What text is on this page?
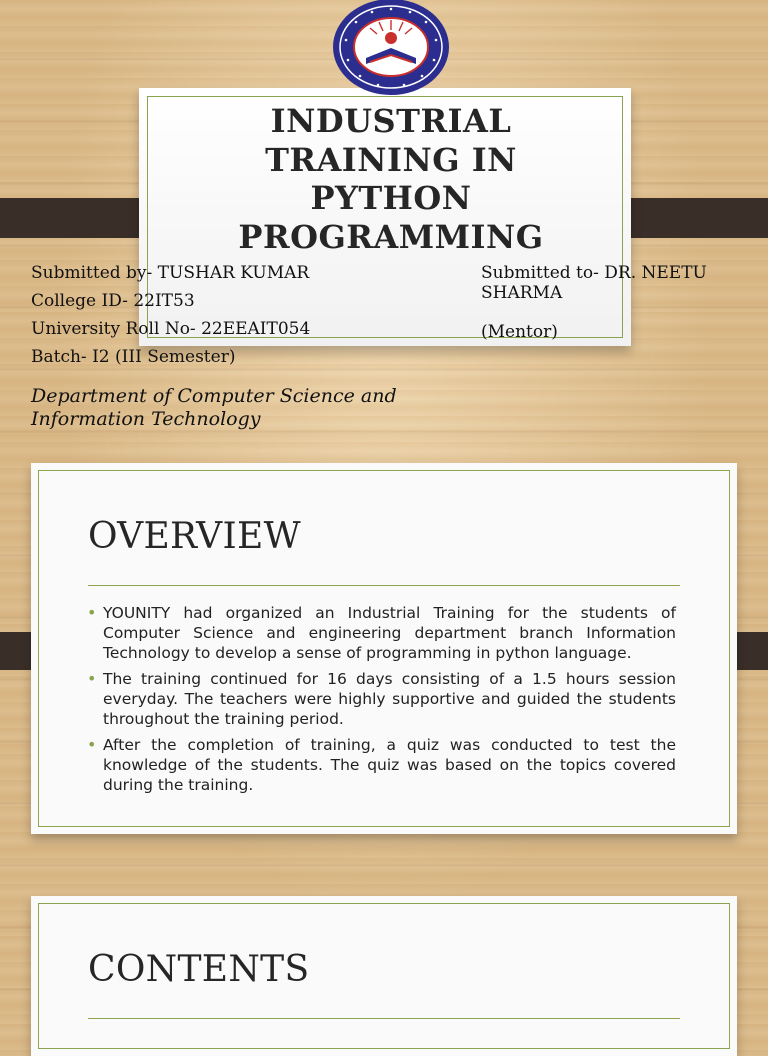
INDUSTRIAL
TRAINING IN
PYTHON
PROGRAMMING
Submitted by- TUSHAR KUMAR
College ID- 22IT53
University Roll No- 22EEAIT054
Batch- I2 (III Semester)
Submitted to- DR. NEETU
SHARMA
(Mentor)
Department of Computer Science and
Information Technology
OVERVIEW
• YOUNITY had organized an Industrial Training for the students of Computer Science and engineering department branch Information Technology to develop a sense of programming in python language.
• The training continued for 16 days consisting of a 1.5 hours session everyday. The teachers were highly supportive and guided the students throughout the training period.
• After the completion of training, a quiz was conducted to test the knowledge of the students. The quiz was based on the topics covered during the training.
CONTENTS
